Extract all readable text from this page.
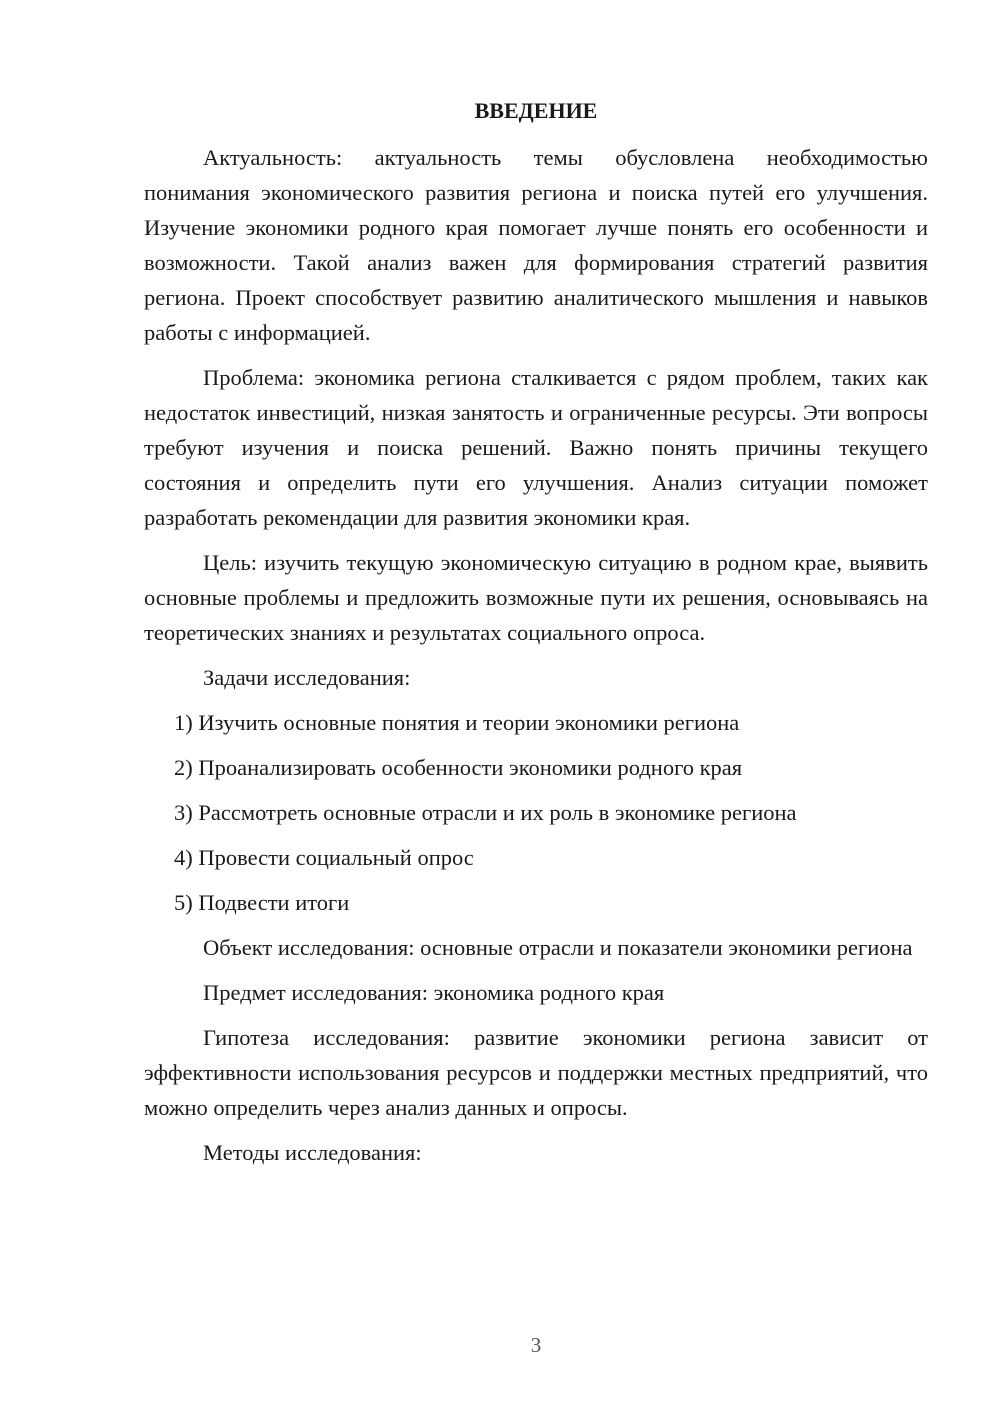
ВВЕДЕНИЕ

Актуальность: актуальность темы обусловлена необходимостью понимания экономического развития региона и поиска путей его улучшения. Изучение экономики родного края помогает лучше понять его особенности и возможности. Такой анализ важен для формирования стратегий развития региона. Проект способствует развитию аналитического мышления и навыков работы с информацией.

Проблема: экономика региона сталкивается с рядом проблем, таких как недостаток инвестиций, низкая занятость и ограниченные ресурсы. Эти вопросы требуют изучения и поиска решений. Важно понять причины текущего состояния и определить пути его улучшения. Анализ ситуации поможет разработать рекомендации для развития экономики края.

Цель: изучить текущую экономическую ситуацию в родном крае, выявить основные проблемы и предложить возможные пути их решения, основываясь на теоретических знаниях и результатах социального опроса.

Задачи исследования:

1) Изучить основные понятия и теории экономики региона
2) Проанализировать особенности экономики родного края
3) Рассмотреть основные отрасли и их роль в экономике региона
4) Провести социальный опрос
5) Подвести итоги

Объект исследования: основные отрасли и показатели экономики региона

Предмет исследования: экономика родного края

Гипотеза исследования: развитие экономики региона зависит от эффективности использования ресурсов и поддержки местных предприятий, что можно определить через анализ данных и опросы.

Методы исследования:

3
